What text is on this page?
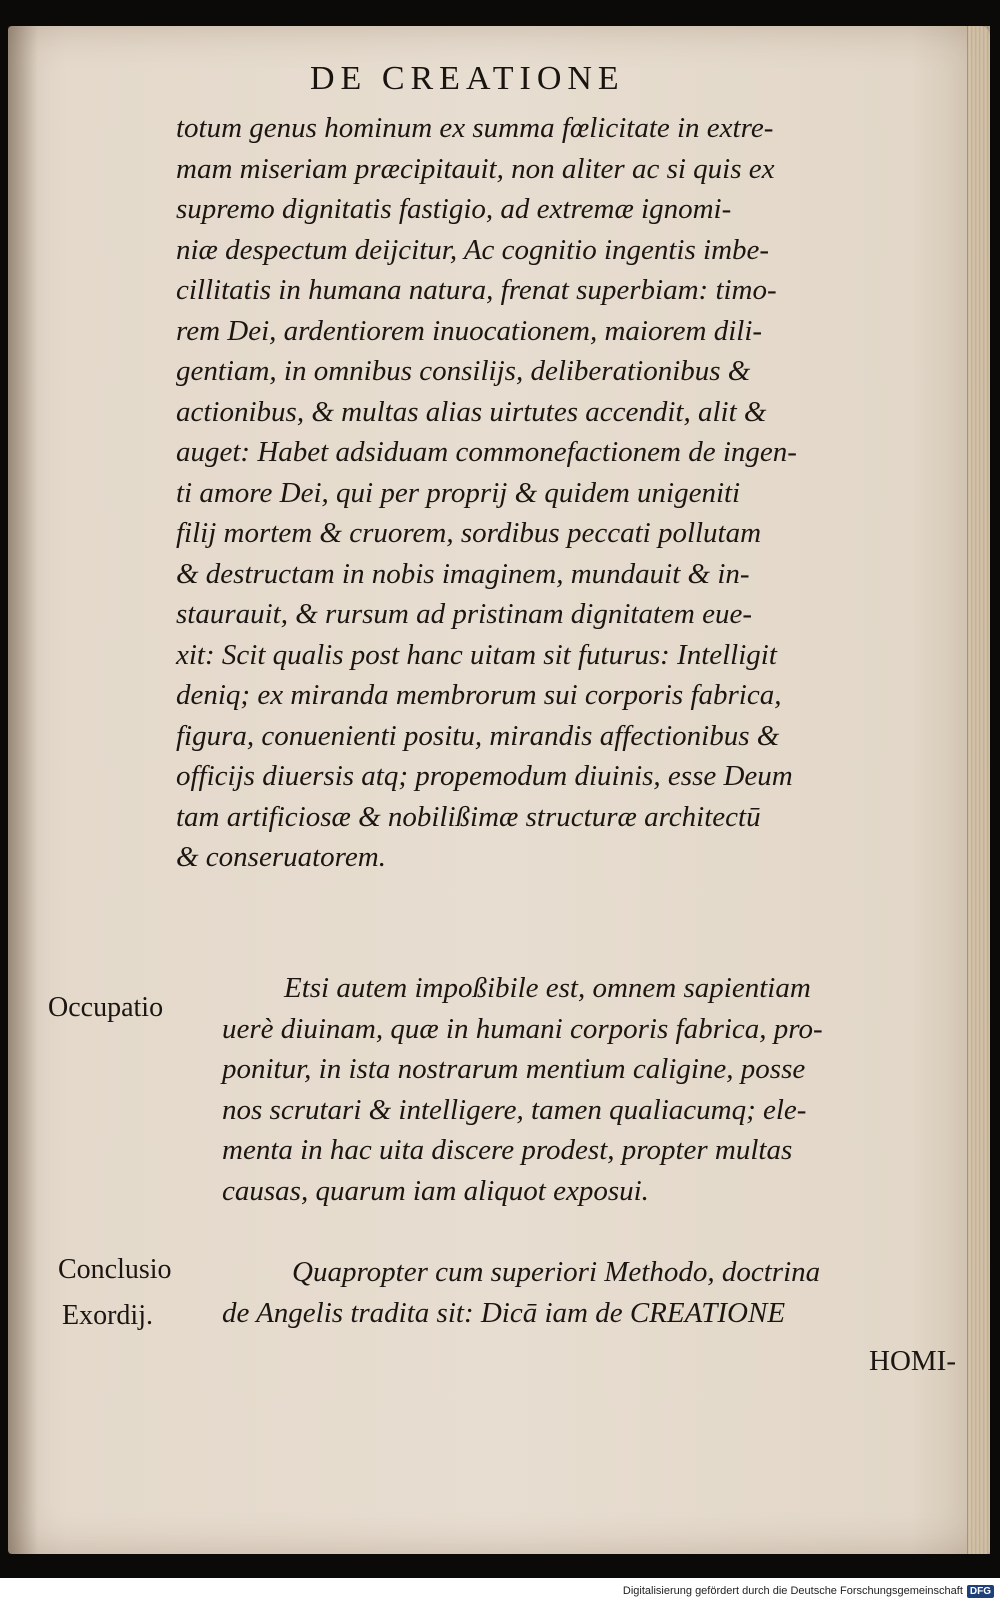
DE CREATIONE
totum genus hominum ex summa fœlicitate in extre-
mam miseriam præcipitauit, non aliter ac si quis ex
supremo dignitatis fastigio, ad extremæ ignomi-
niæ despectum deijcitur, Ac cognitio ingentis imbe-
cillitatis in humana natura, frenat superbiam: timo-
rem Dei, ardentiorem inuocationem, maiorem dili-
gentiam, in omnibus consilijs, deliberationibus &
actionibus, & multas alias uirtutes accendit, alit &
auget: Habet adsiduam commonefactionem de ingen-
ti amore Dei, qui per proprij & quidem unigeniti
filij mortem & cruorem, sordibus peccati pollutam
& destructam in nobis imaginem, mundauit & in-
staurauit, & rursum ad pristinam dignitatem eue-
xit: Scit qualis post hanc uitam sit futurus: Intelligit
deniq; ex miranda membrorum sui corporis fabrica,
figura, conuenienti positu, mirandis affectionibus &
officijs diuersis atq; propemodum diuinis, esse Deum
tam artificiosæ & nobilißimæ structuræ architectū
& conseruatorem.
Occupatio
Etsi autem impoßibile est, omnem sapientiam
uerè diuinam, quæ in humani corporis fabrica, pro-
ponitur, in ista nostrarum mentium caligine, posse
nos scrutari & intelligere, tamen qualiacumq; ele-
menta in hac uita discere prodest, propter multas
causas, quarum iam aliquot exposui.
Conclusio
Exordij.
Quapropter cum superiori Methodo, doctrina
de Angelis tradita sit: Dicā iam de CREATIONE
HOMI-
Digitalisierung gefördert durch die Deutsche Forschungsgemeinschaft DFG
